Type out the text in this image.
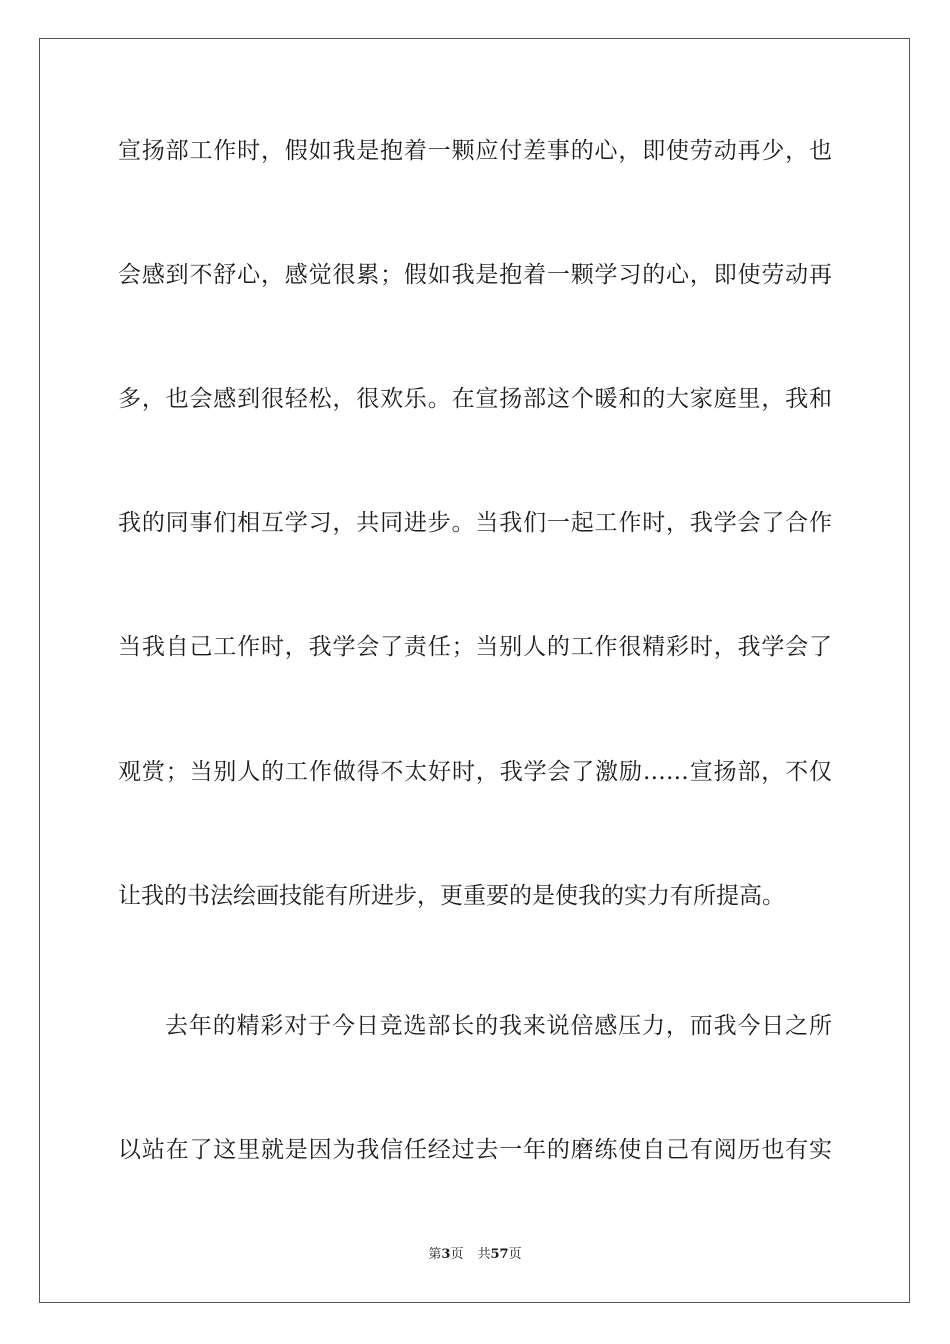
宣扬部工作时，假如我是抱着一颗应付差事的心，即使劳动再少，也
会感到不舒心，感觉很累；假如我是抱着一颗学习的心，即使劳动再
多，也会感到很轻松，很欢乐。在宣扬部这个暖和的大家庭里，我和
我的同事们相互学习，共同进步。当我们一起工作时，我学会了合作
当我自己工作时，我学会了责任；当别人的工作很精彩时，我学会了
观赏；当别人的工作做得不太好时，我学会了激励……宣扬部，不仅
让我的书法绘画技能有所进步，更重要的是使我的实力有所提高。
去年的精彩对于今日竞选部长的我来说倍感压力，而我今日之所
以站在了这里就是因为我信任经过去一年的磨练使自己有阅历也有实
第3页 共57页
